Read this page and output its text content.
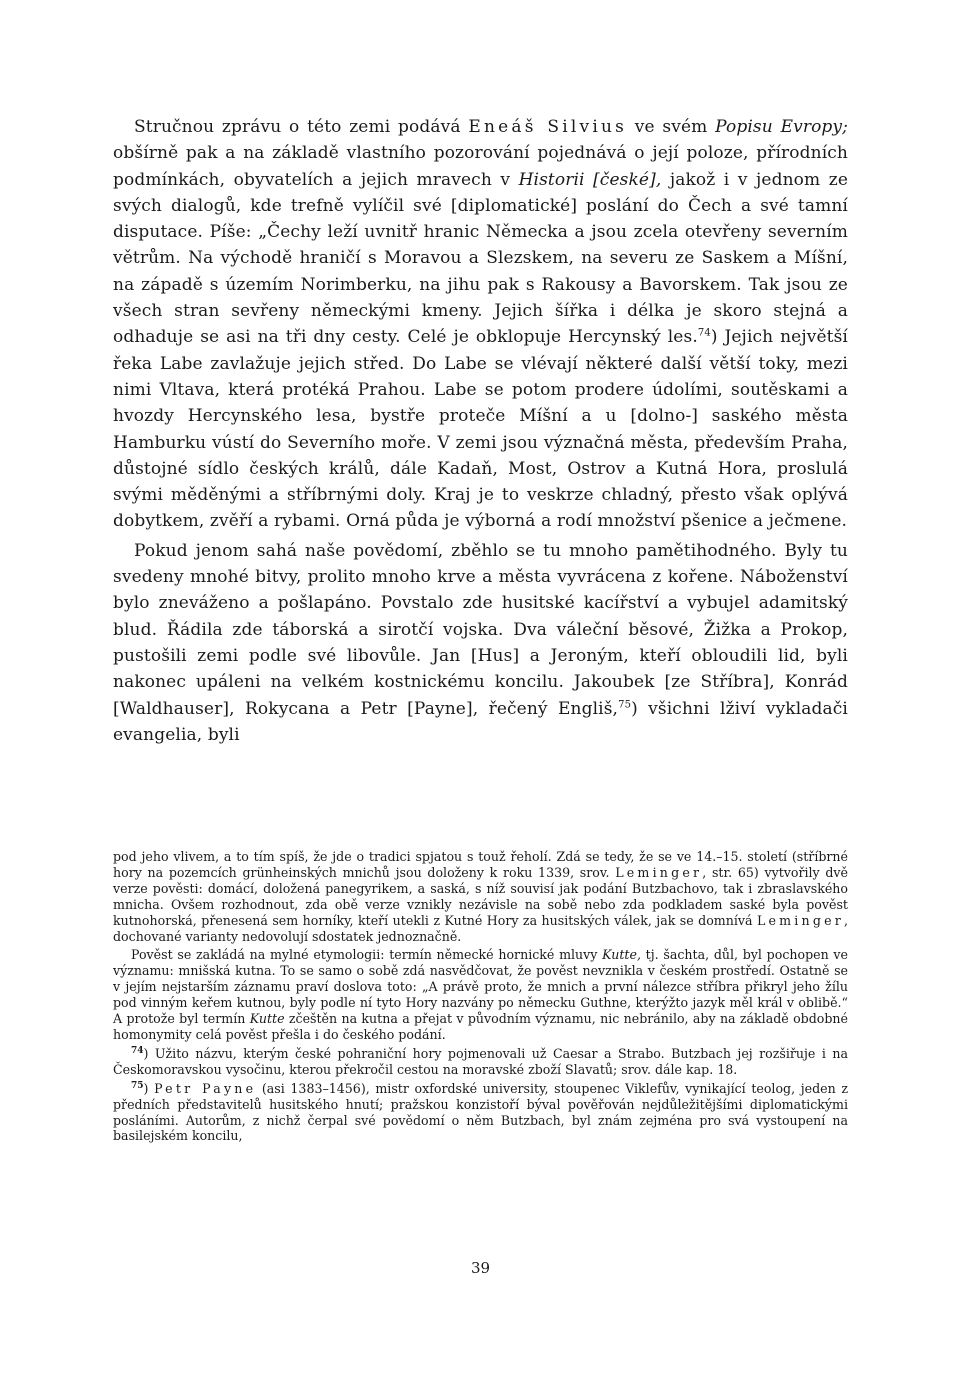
Stručnou zprávu o této zemi podává Eneáš Silvius ve svém Popisu Evropy; obšírně pak a na základě vlastního pozorování pojednává o její poloze, přírodních podmínkách, obyvatelích a jejich mravech v Historii [české], jakož i v jednom ze svých dialogů, kde trefně vylíčil své [diplomatické] poslání do Čech a své tamní disputace. Píše: „Čechy leží uvnitř hranic Německa a jsou zcela otevřeny severním větrům. Na východě hraničí s Moravou a Slezskem, na severu ze Saskem a Míšní, na západě s územím Norimberku, na jihu pak s Rakousy a Bavorskem. Tak jsou ze všech stran sevřeny německými kmeny. Jejich šířka i délka je skoro stejná a odhaduje se asi na tři dny cesty. Celé je obklopuje Hercynský les.$^{74}$) Jejich největší řeka Labe zavlažuje jejich střed. Do Labe se vlévají některé další větší toky, mezi nimi Vltava, která protéká Prahou. Labe se potom prodere údolími, soutěskami a hvozdy Hercynského lesa, bystře proteče Míšní a u [dolno-] saského města Hamburku vústí do Severního moře. V zemi jsou význačná města, především Praha, důstojné sídlo českých králů, dále Kadaň, Most, Ostrov a Kutná Hora, proslulá svými měděnými a stříbrnými doly. Kraj je to veskrze chladný, přesto však oplývá dobytkem, zvěří a rybami. Orná půda je výborná a rodí množství pšenice a ječmene.

Pokud jenom sahá naše povědomí, zběhlo se tu mnoho pamětihodného. Byly tu svedeny mnohé bitvy, prolito mnoho krve a města vyvrácena z kořene. Náboženství bylo zneváženo a pošlapáno. Povstalo zde husitské kacířství a vybujel adamitský blud. Řádila zde táborská a sirotčí vojska. Dva váleční běsové, Žižka a Prokop, pustošili zemi podle své libovůle. Jan [Hus] a Jeroným, kteří obloudili lid, byli nakonec upáleni na velkém kostnickému koncilu. Jakoubek [ze Stříbra], Konrád [Waldhauser], Rokycana a Petr [Payne], řečený Engliš,$^{75}$) všichni lživí vykladači evangelia, byli

pod jeho vlivem, a to tím spíš, že jde o tradici spjatou s touž řeholí. Zdá se tedy, že se ve 14.–15. století (stříbrné hory na pozemcích grünheinských mnichů jsou doloženy k roku 1339, srov. Leminger, str. 65) vytvořily dvě verze pověsti: domácí, doložená panegyrikem, a saská, s níž souvisí jak podání Butzbachovo, tak i zbraslavského mnicha. Ovšem rozhodnout, zda obě verze vznikly nezávisle na sobě nebo zda podkladem saské byla pověst kutnohorská, přenesená sem horníky, kteří utekli z Kutné Hory za husitských válek, jak se domnívá Leminger, dochované varianty nedovolují sdostatek jednoznačně.

Pověst se zakládá na mylné etymologii: termín německé hornické mluvy Kutte, tj. šachta, důl, byl pochopen ve významu: mnišská kutna. To se samo o sobě zdá nasvědčovat, že pověst nevznikla v českém prostředí. Ostatně se v jejím nejstarším záznamu praví doslova toto: „A právě proto, že mnich a první nálezce stříbra přikryl jeho žílu pod vinným keřem kutnou, byly podle ní tyto Hory nazvány po německu Guthne, kterýžto jazyk měl král v oblibě.“ A protože byl termín Kutte zčeštěn na kutna a přejat v původním významu, nic nebránilo, aby na základě obdobné homonymity celá pověst přešla i do českého podání.

$^{74}$) Užito názvu, kterým české pohraniční hory pojmenovali už Caesar a Strabo. Butzbach jej rozšiřuje i na Českomoravskou vysočinu, kterou překročil cestou na moravské zboží Slavatů; srov. dále kap. 18.

$^{75}$) Petr Payne (asi 1383–1456), mistr oxfordské university, stoupenec Viklefův, vynikající teolog, jeden z předních představitelů husitského hnutí; pražskou konzistoří býval pověřován nejdůležitějšími diplomatickými posláními. Autorům, z nichž čerpal své povědomí o něm Butzbach, byl znám zejména pro svá vystoupení na basilejském koncilu,

39
